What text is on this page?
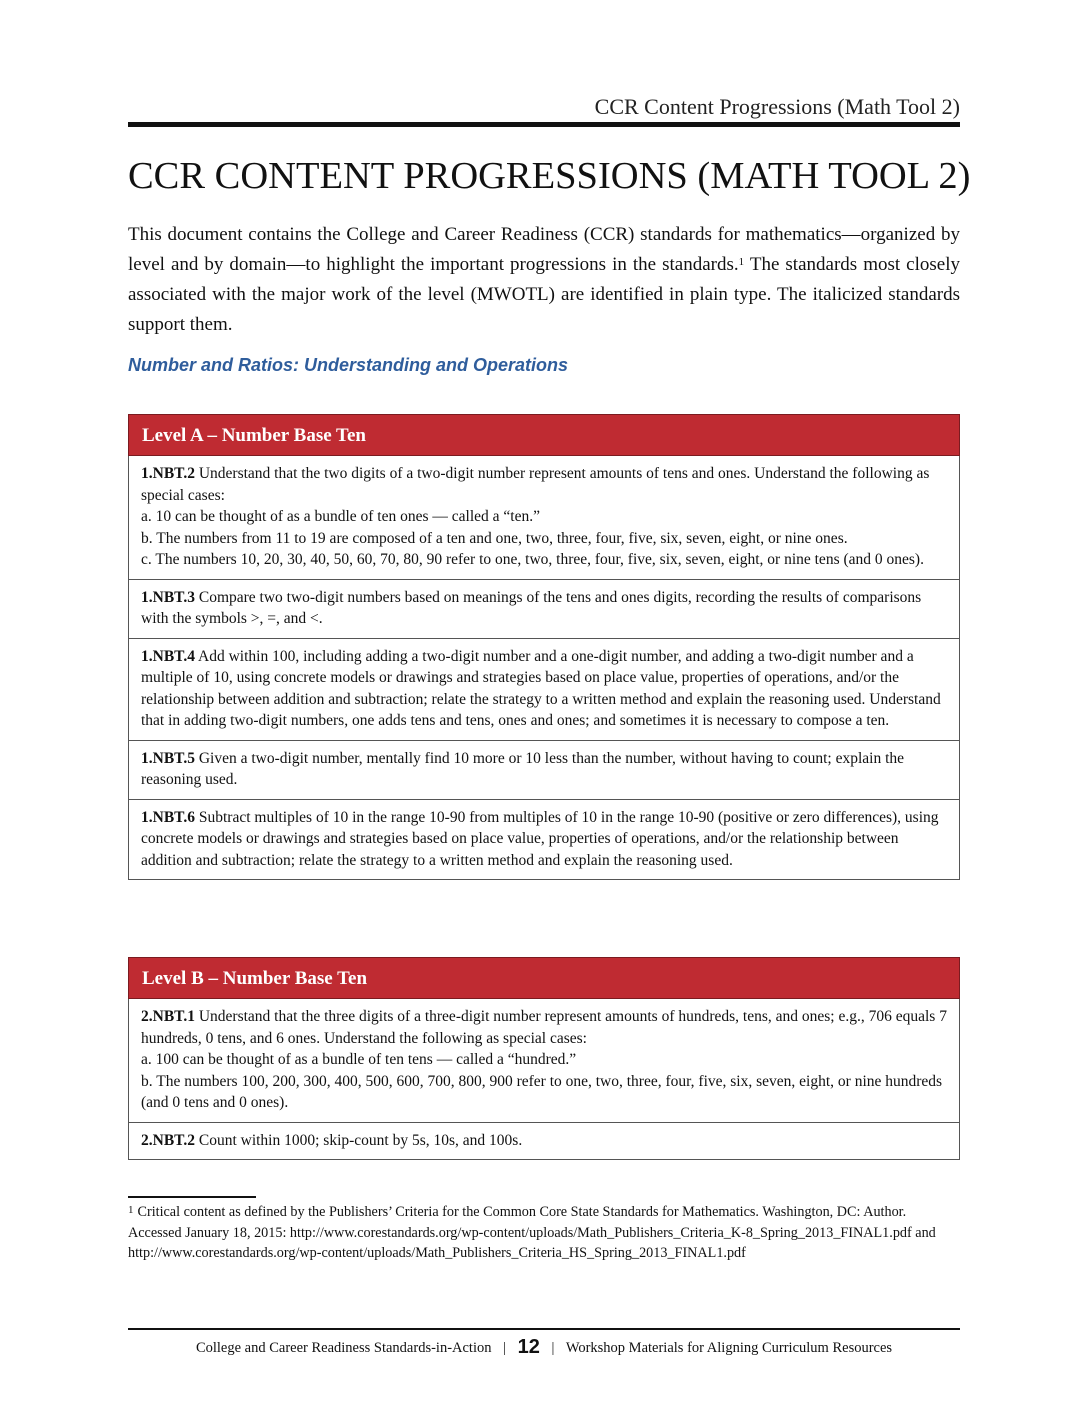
CCR Content Progressions (Math Tool 2)
CCR CONTENT PROGRESSIONS (MATH TOOL 2)

This document contains the College and Career Readiness (CCR) standards for mathematics—organized by level and by domain—to highlight the important progressions in the standards.$^1$ The standards most closely associated with the major work of the level (MWOTL) are identified in plain type. The italicized standards support them.

Number and Ratios: Understanding and Operations
Level A – Number Base Ten

1.NBT.2 Understand that the two digits of a two-digit number represent amounts of tens and ones. Understand the following as special cases:
a. 10 can be thought of as a bundle of ten ones — called a “ten.”
b. The numbers from 11 to 19 are composed of a ten and one, two, three, four, five, six, seven, eight, or nine ones.
c. The numbers 10, 20, 30, 40, 50, 60, 70, 80, 90 refer to one, two, three, four, five, six, seven, eight, or nine tens (and 0 ones).

1.NBT.3 Compare two two-digit numbers based on meanings of the tens and ones digits, recording the results of comparisons with the symbols >, =, and <.

1.NBT.4 Add within 100, including adding a two-digit number and a one-digit number, and adding a two-digit number and a multiple of 10, using concrete models or drawings and strategies based on place value, properties of operations, and/or the relationship between addition and subtraction; relate the strategy to a written method and explain the reasoning used. Understand that in adding two-digit numbers, one adds tens and tens, ones and ones; and sometimes it is necessary to compose a ten.

1.NBT.5 Given a two-digit number, mentally find 10 more or 10 less than the number, without having to count; explain the reasoning used.

1.NBT.6 Subtract multiples of 10 in the range 10-90 from multiples of 10 in the range 10-90 (positive or zero differences), using concrete models or drawings and strategies based on place value, properties of operations, and/or the relationship between addition and subtraction; relate the strategy to a written method and explain the reasoning used.
Level B – Number Base Ten

2.NBT.1 Understand that the three digits of a three-digit number represent amounts of hundreds, tens, and ones; e.g., 706 equals 7 hundreds, 0 tens, and 6 ones. Understand the following as special cases:
a. 100 can be thought of as a bundle of ten tens — called a “hundred.”
b. The numbers 100, 200, 300, 400, 500, 600, 700, 800, 900 refer to one, two, three, four, five, six, seven, eight, or nine hundreds (and 0 tens and 0 ones).

2.NBT.2 Count within 1000; skip-count by 5s, 10s, and 100s.

$^1$ Critical content as defined by the Publishers’ Criteria for the Common Core State Standards for Mathematics. Washington, DC: Author. Accessed January 18, 2015: http://www.corestandards.org/wp-content/uploads/Math_Publishers_Criteria_K-8_Spring_2013_FINAL1.pdf and http://www.corestandards.org/wp-content/uploads/Math_Publishers_Criteria_HS_Spring_2013_FINAL1.pdf

College and Career Readiness Standards-in-Action | 12 | Workshop Materials for Aligning Curriculum Resources
